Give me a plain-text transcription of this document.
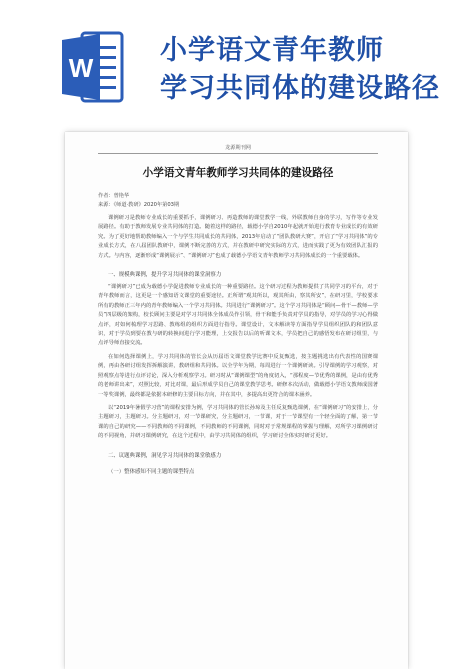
W
小学语文青年教师
学习共同体的建设路径
龙源期刊网
小学语文青年教师学习共同体的建设路径
作者：曾艳华
来源：《师道·教研》2020年第03期

课例研习是教师专业成长的重要抓手，课例研习、再造教师的课堂教学一线，外联教师自身的学习，写作等专业发展路径。有助于教师发展专业共同体的打造。随着这样的路径，载德小学自2010年起就开始进行教育专业成长的有效研究。为了更好地帮助教师编入一个与学生共同成长的共同体，2013年启动了“团队教研大赛”，开启了“学习共同体”的专业成长方式，在八届团队教研中，课例不断完善的方式，并在教研中研究实际的方式，进而实践了更为有效团队汇报的方式。与内容，逐渐形成“课例展示”、“课例研习”也成了载德小学语文青年教师学习共同体成长的一个重要载体。

一、规模典课例，提升学习共同体的课堂洞察力

“课例研习”已成为载德小学促进教师专业成长的一种重要路径。这个研习过程为教师提供了共同学习的平台，对于青年教师而言，这更是一个感知语文课堂的重要途径。正所谓“观其所以，观其所由，察其所安”，在研习里，学校要求所有的教师正三年内的青年教师编入一个学习共同体。共同进行“课例研习”。这个学习共同体是“顾问—骨干—教师—学员”四层级的架构，校长顾问主要是对学习共同体全体成员作引领，骨干和能手负责对学员的指导，对学员的学习心得做点评，对如何梳理学习思路、教练组的组织方面进行指导。课堂设计，文本解读等方面指导学员组织团队的和团队意识，对于学员到要在教与研的转换间进行学习能理，上交报告以后的听课文本，学员把自己的感悟发布在研讨组里，与点评导师直接交流。

在如何选择课例上，学习共同体的管长会从历届语文课堂教学比赛中反复甄选，按主题挑选出有代表性的国赛课例，再由各研讨组发挥拆解演讲，教研组和共同体。以全学年为期，每周进行一个课例研读。引导课例的学习观察，对照观察点等进行点评讨论，深入分析观察学习。研习时从“课例课型”的角度切入，“那程度—节优秀的课例，是由有优秀的老师讲出来”，对照比较，对比对课，最后形成学员自己的课堂教学思考。研修本次活动，做载德小学语文教师成国著一等奖课例，最终都是依据本研修的主要目标方向，并在其中，多提高出更符合的课本涵养。

以“2019年暑假学习营”的课程安排为例，学习共同体的管长孙琼及主任反复甄选课例，在“课例研习”的安排上，分主题研习，主题研习。分主题研习，对一节课研究，分主题研习，一节课，对于一节课型有一个轻全面的了解，第一节课的自己的研究——不同教师的不同课例，不同教师的不同课例，同时对于常规课程的掌握与理解，对所学习课例研讨的不同视角，并研习课例研究，在这个过程中，由学习共同体的组织，学习研讨全体实时研讨更好。

二、议题典课例，洞见学习共同体的课堂敏感力
（一）整体感知不同主题的课型特点
